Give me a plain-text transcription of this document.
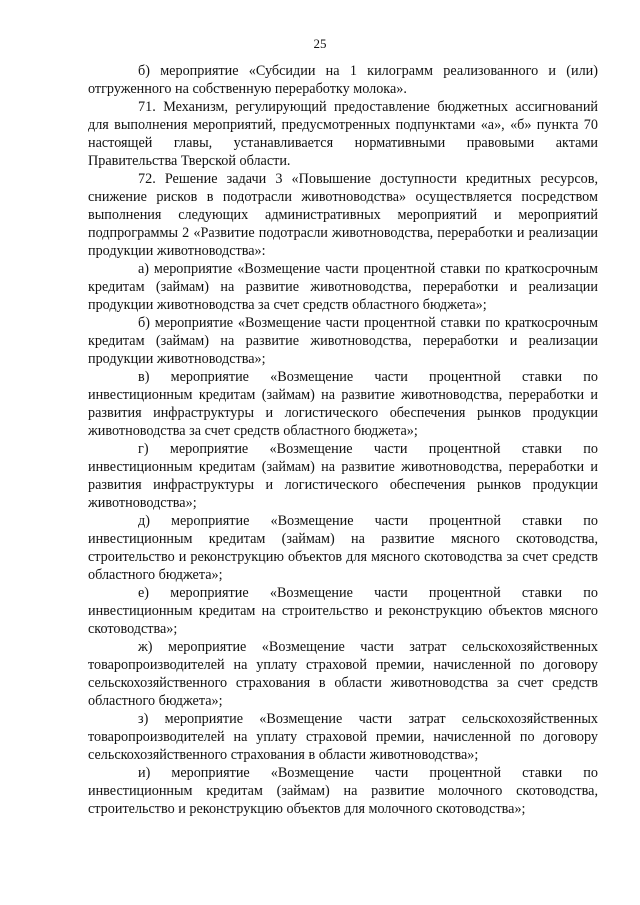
25

б) мероприятие «Субсидии на 1 килограмм реализованного и (или) отгруженного на собственную переработку молока».

71. Механизм, регулирующий предоставление бюджетных ассигнований для выполнения мероприятий, предусмотренных подпунктами «а», «б» пункта 70 настоящей главы, устанавливается нормативными правовыми актами Правительства Тверской области.

72. Решение задачи 3 «Повышение доступности кредитных ресурсов, снижение рисков в подотрасли животноводства» осуществляется посредством выполнения следующих административных мероприятий и мероприятий подпрограммы 2 «Развитие подотрасли животноводства, переработки и реализации продукции животноводства»:

а) мероприятие «Возмещение части процентной ставки по краткосрочным кредитам (займам) на развитие животноводства, переработки и реализации продукции животноводства за счет средств областного бюджета»;

б) мероприятие «Возмещение части процентной ставки по краткосрочным кредитам (займам) на развитие животноводства, переработки и реализации продукции животноводства»;

в) мероприятие «Возмещение части процентной ставки по инвестиционным кредитам (займам) на развитие животноводства, переработки и развития инфраструктуры и логистического обеспечения рынков продукции животноводства за счет средств областного бюджета»;

г) мероприятие «Возмещение части процентной ставки по инвестиционным кредитам (займам) на развитие животноводства, переработки и развития инфраструктуры и логистического обеспечения рынков продукции животноводства»;

д) мероприятие «Возмещение части процентной ставки по инвестиционным кредитам (займам) на развитие мясного скотоводства, строительство и реконструкцию объектов для мясного скотоводства за счет средств областного бюджета»;

е) мероприятие «Возмещение части процентной ставки по инвестиционным кредитам на строительство и реконструкцию объектов мясного скотоводства»;

ж) мероприятие «Возмещение части затрат сельскохозяйственных товаропроизводителей на уплату страховой премии, начисленной по договору сельскохозяйственного страхования в области животноводства за счет средств областного бюджета»;

з) мероприятие «Возмещение части затрат сельскохозяйственных товаропроизводителей на уплату страховой премии, начисленной по договору сельскохозяйственного страхования в области животноводства»;

и) мероприятие «Возмещение части процентной ставки по инвестиционным кредитам (займам) на развитие молочного скотоводства, строительство и реконструкцию объектов для молочного скотоводства»;
